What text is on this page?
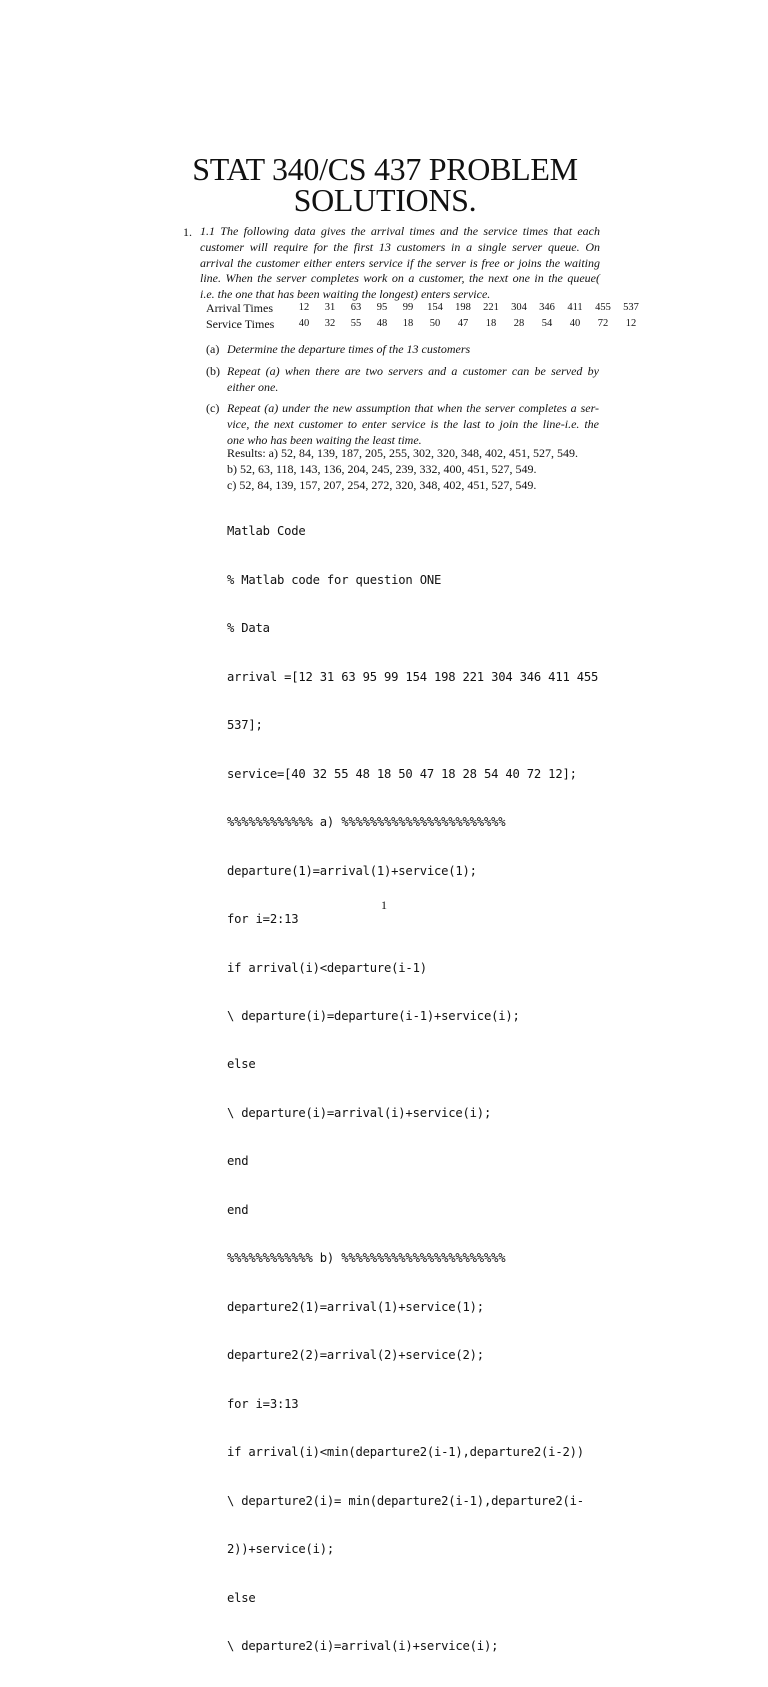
STAT 340/CS 437 PROBLEM
SOLUTIONS.
1. 1.1 The following data gives the arrival times and the service times that each
customer will require for the first 13 customers in a single server queue. On
arrival the customer either enters service if the server is free or joins the waiting
line. When the server completes work on a customer, the next one in the queue(
i.e. the one that has been waiting the longest) enters service.
Arrival Times	12	31	63	95	99	154	198	221	304	346	411	455	537
Service Times	40	32	55	48	18	50	47	18	28	54	40	72	12
(a) Determine the departure times of the 13 customers
(b) Repeat (a) when there are two servers and a customer can be served by
either one.
(c) Repeat (a) under the new assumption that when the server completes a ser-
vice, the next customer to enter service is the last to join the line-i.e. the
one who has been waiting the least time.
Results: a) 52, 84, 139, 187, 205, 255, 302, 320, 348, 402, 451, 527, 549.
b) 52, 63, 118, 143, 136, 204, 245, 239, 332, 400, 451, 527, 549.
c) 52, 84, 139, 157, 207, 254, 272, 320, 348, 402, 451, 527, 549.

Matlab Code

% Matlab code for question ONE

% Data

arrival =[12 31 63 95 99 154 198 221 304 346 411 455

537];

service=[40 32 55 48 18 50 47 18 28 54 40 72 12];

%%%%%%%%%%%% a) %%%%%%%%%%%%%%%%%%%%%%%

departure(1)=arrival(1)+service(1);

for i=2:13

if arrival(i)<departure(i-1)

\ departure(i)=departure(i-1)+service(i);

else

\ departure(i)=arrival(i)+service(i);

end

end

%%%%%%%%%%%% b) %%%%%%%%%%%%%%%%%%%%%%%

departure2(1)=arrival(1)+service(1);

departure2(2)=arrival(2)+service(2);

for i=3:13

if arrival(i)<min(departure2(i-1),departure2(i-2))

\ departure2(i)= min(departure2(i-1),departure2(i-

2))+service(i);

else

\ departure2(i)=arrival(i)+service(i);

1
